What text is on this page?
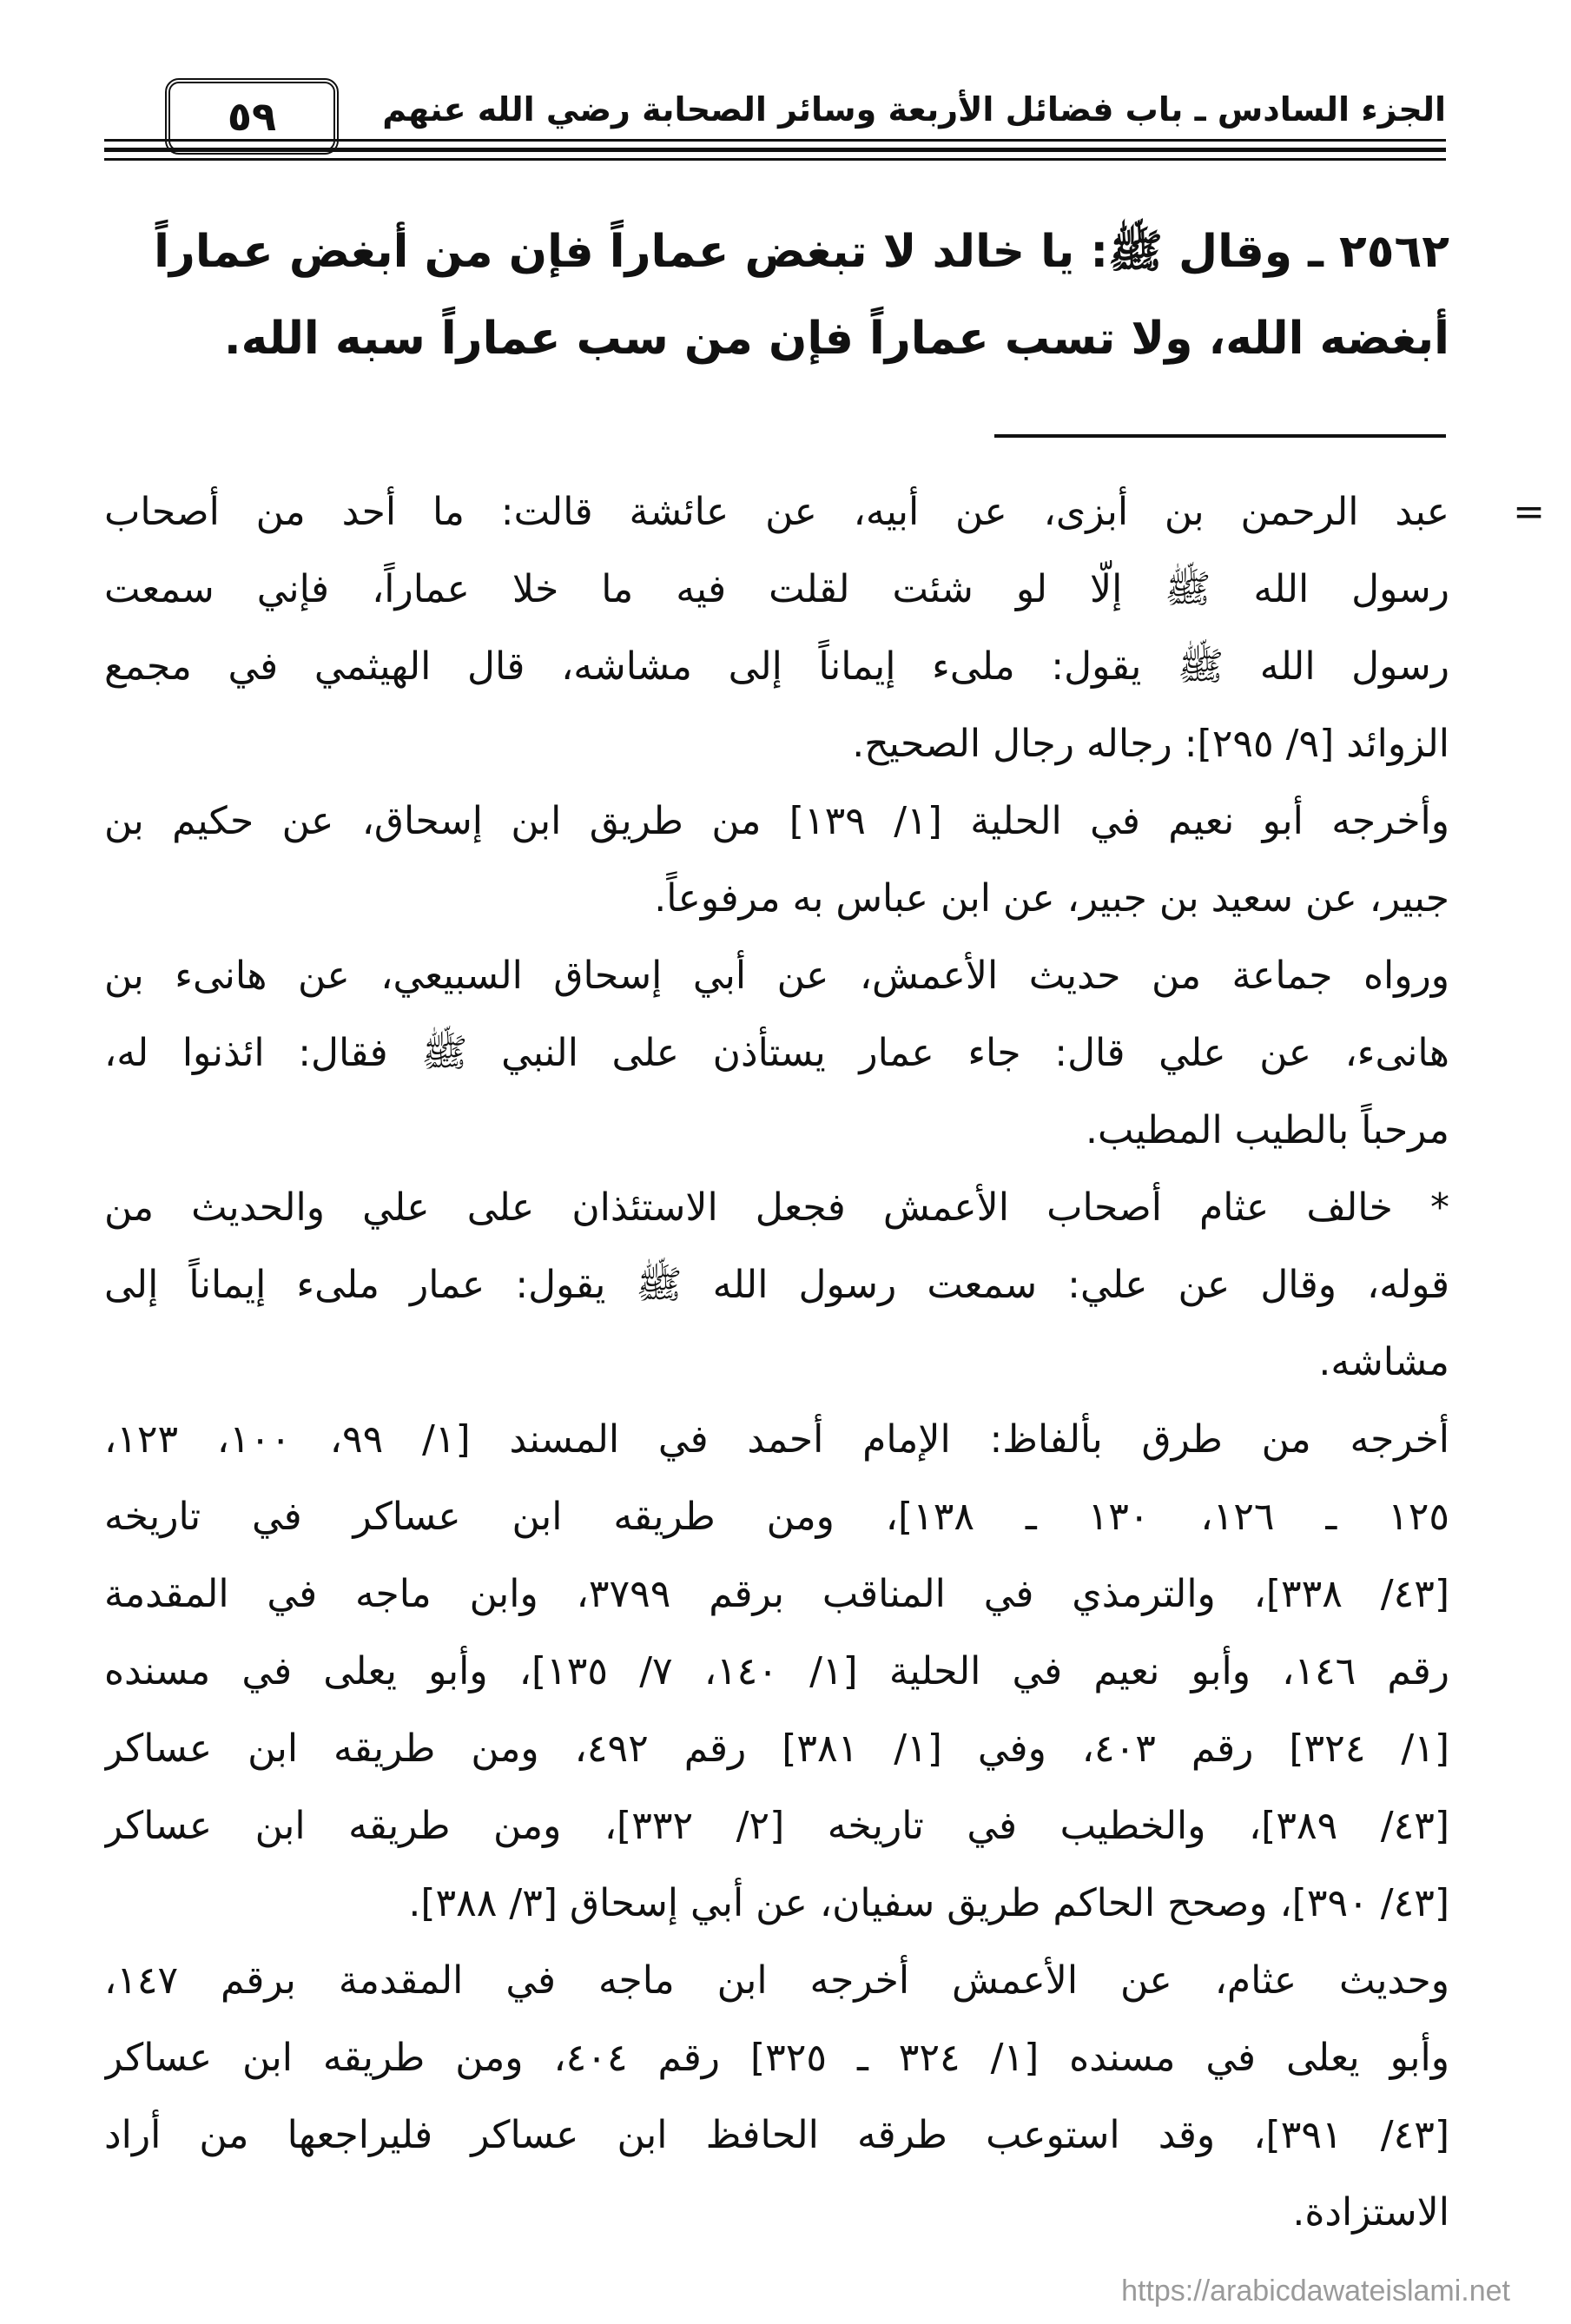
الجزء السادس ـ باب فضائل الأربعة وسائر الصحابة رضي الله عنهم
٥٩
٢٥٦٢ ـ وقال ﷺ: يا خالد لا تبغض عماراً فإن من أبغض عماراً
أبغضه الله، ولا تسب عماراً فإن من سب عماراً سبه الله.
=
عبد الرحمن بن أبزى، عن أبيه، عن عائشة قالت: ما أحد من أصحاب
رسول الله ﷺ إلّا لو شئت لقلت فيه ما خلا عماراً، فإني سمعت
رسول الله ﷺ يقول: ملىء إيماناً إلى مشاشه، قال الهيثمي في مجمع
الزوائد [٩/ ٢٩٥]: رجاله رجال الصحيح.
وأخرجه أبو نعيم في الحلية [١/ ١٣٩] من طريق ابن إسحاق، عن حكيم بن
جبير، عن سعيد بن جبير، عن ابن عباس به مرفوعاً.
ورواه جماعة من حديث الأعمش، عن أبي إسحاق السبيعي، عن هانىء بن
هانىء، عن علي قال: جاء عمار يستأذن على النبي ﷺ فقال: ائذنوا له،
مرحباً بالطيب المطيب.
* خالف عثام أصحاب الأعمش فجعل الاستئذان على علي والحديث من
قوله، وقال عن علي: سمعت رسول الله ﷺ يقول: عمار ملىء إيماناً إلى
مشاشه.
أخرجه من طرق بألفاظ: الإمام أحمد في المسند [١/ ٩٩، ١٠٠، ١٢٣،
١٢٥ ـ ١٢٦، ١٣٠ ـ ١٣٨]، ومن طريقه ابن عساكر في تاريخه
[٤٣/ ٣٣٨]، والترمذي في المناقب برقم ٣٧٩٩، وابن ماجه في المقدمة
رقم ١٤٦، وأبو نعيم في الحلية [١/ ١٤٠، ٧/ ١٣٥]، وأبو يعلى في مسنده
[١/ ٣٢٤] رقم ٤٠٣، وفي [١/ ٣٨١] رقم ٤٩٢، ومن طريقه ابن عساكر
[٤٣/ ٣٨٩]، والخطيب في تاريخه [٢/ ٣٣٢]، ومن طريقه ابن عساكر
[٤٣/ ٣٩٠]، وصحح الحاكم طريق سفيان، عن أبي إسحاق [٣/ ٣٨٨].
وحديث عثام، عن الأعمش أخرجه ابن ماجه في المقدمة برقم ١٤٧،
وأبو يعلى في مسنده [١/ ٣٢٤ ـ ٣٢٥] رقم ٤٠٤، ومن طريقه ابن عساكر
[٤٣/ ٣٩١]، وقد استوعب طرقه الحافظ ابن عساكر فليراجعها من أراد
الاستزادة.
https://arabicdawateislami.net
